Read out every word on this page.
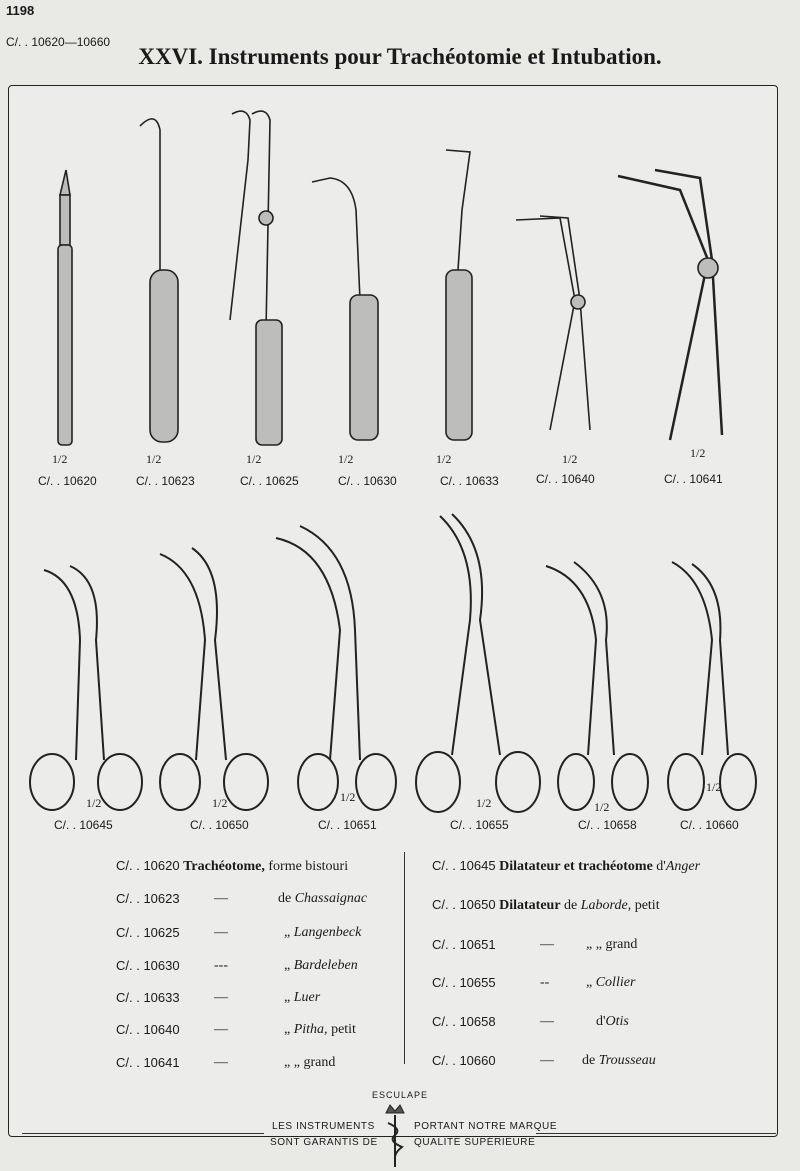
1198
C/. . 10620—10660
XXVI. Instruments pour Trachéotomie et Intubation.
C/. . 10620
1/2
C/. . 10623
1/2
C/. . 10625
1/2
C/. . 10630
1/2
C/. . 10633
1/2
C/. . 10640
1/2
C/. . 10641
1/2
C/. . 10645
1/2
C/. . 10650
1/2
C/. . 10651
1/2
C/. . 10655
1/2
C/. . 10658
1/2
C/. . 10660
1/2
C/. . 10620 Trachéotome, forme bistouri
C/. . 10623 —	de Chassaignac
C/. . 10625 —	„ Langenbeck
C/. . 10630 ---	„ Bardeleben
C/. . 10633 —	„ Luer
C/. . 10640 —	„ Pitha, petit
C/. . 10641 —	„ „ grand
C/. . 10645 Dilatateur et trachéotome d'Anger
C/. . 10650 Dilatateur de Laborde, petit
C/. . 10651	— „ „ grand
C/. . 10655	--	„ Collier
C/. . 10658	—	d'Otis
C/. . 10660	— de Trousseau
ESCULAPE
LES INSTRUMENTS	PORTANT NOTRE MARQUE
SONT GARANTIS DE	QUALITÉ SUPÉRIEURE
